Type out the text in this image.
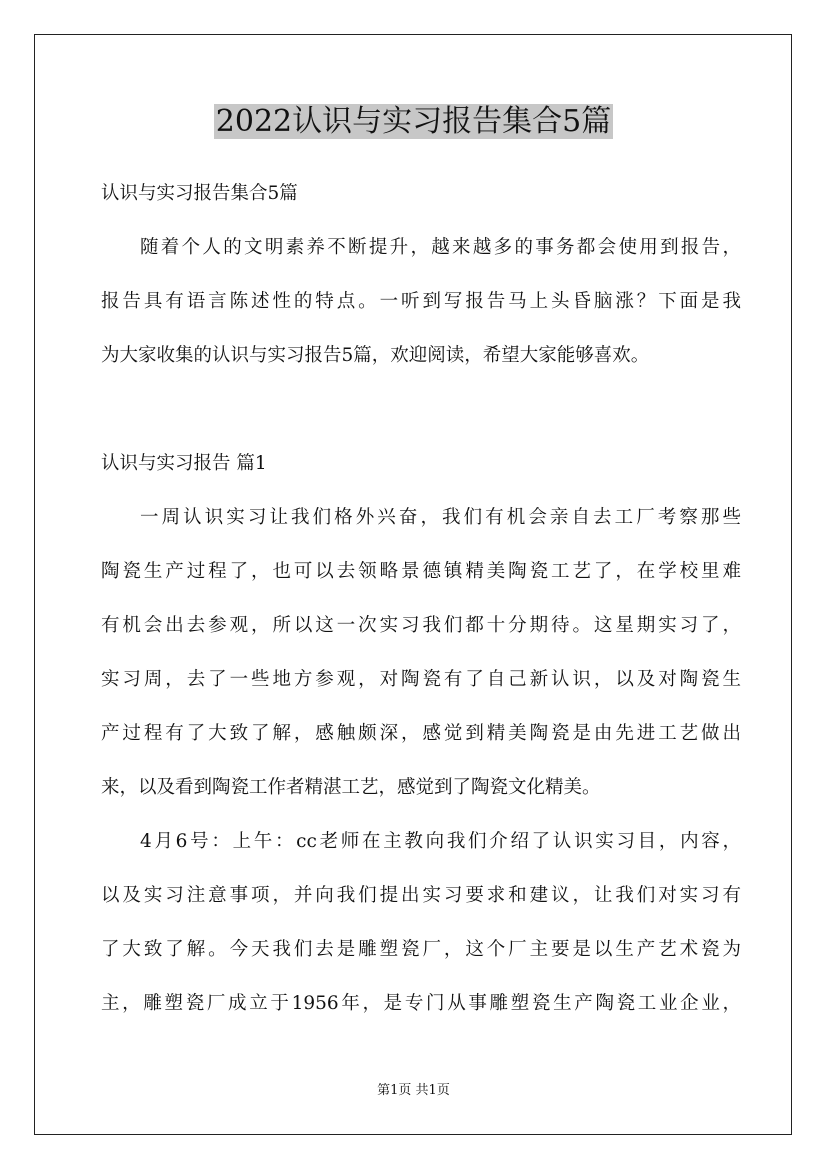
2022认识与实习报告集合5篇
认识与实习报告集合5篇
随着个人的文明素养不断提升，越来越多的事务都会使用到报告，
报告具有语言陈述性的特点。一听到写报告马上头昏脑涨？下面是我
为大家收集的认识与实习报告5篇，欢迎阅读，希望大家能够喜欢。
认识与实习报告 篇1
一周认识实习让我们格外兴奋，我们有机会亲自去工厂考察那些
陶瓷生产过程了，也可以去领略景德镇精美陶瓷工艺了，在学校里难
有机会出去参观，所以这一次实习我们都十分期待。这星期实习了，
实习周，去了一些地方参观，对陶瓷有了自己新认识，以及对陶瓷生
产过程有了大致了解，感触颇深，感觉到精美陶瓷是由先进工艺做出
来，以及看到陶瓷工作者精湛工艺，感觉到了陶瓷文化精美。
4月6号：上午：cc老师在主教向我们介绍了认识实习目，内容，
以及实习注意事项，并向我们提出实习要求和建议，让我们对实习有
了大致了解。今天我们去是雕塑瓷厂，这个厂主要是以生产艺术瓷为
主，雕塑瓷厂成立于1956年，是专门从事雕塑瓷生产陶瓷工业企业，
第1页 共1页
